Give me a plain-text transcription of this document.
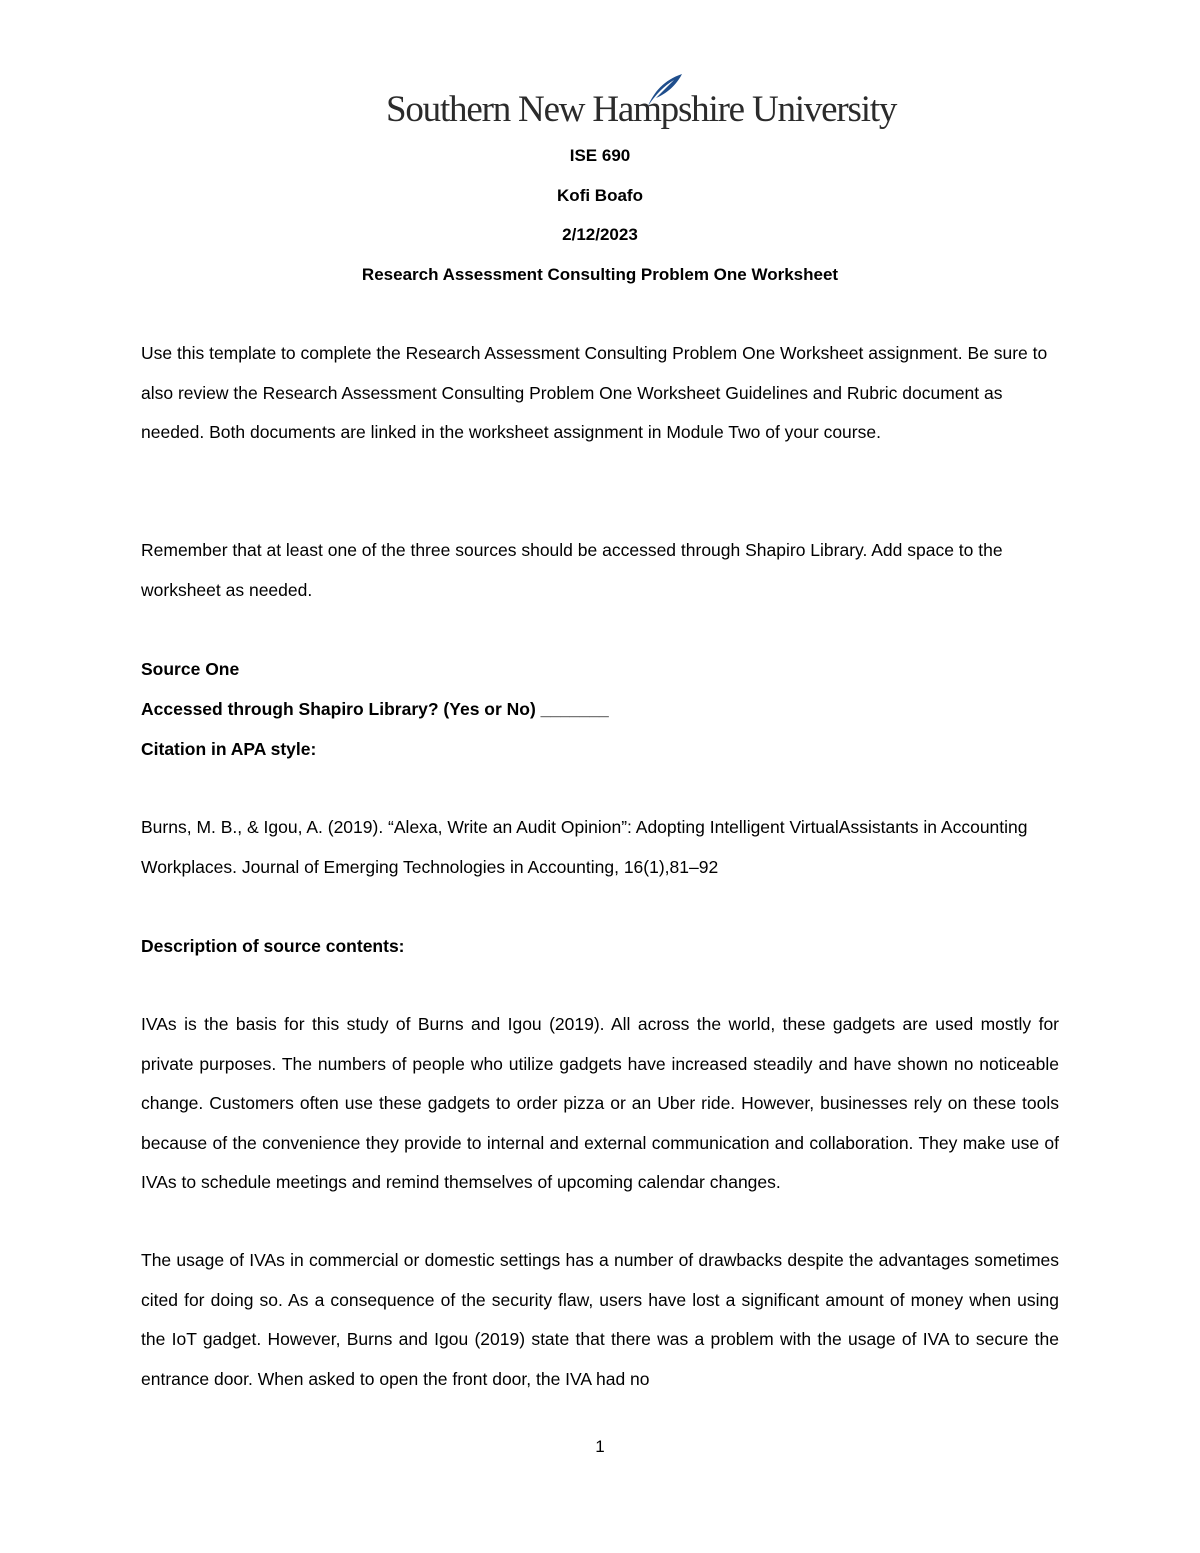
Southern New Hampshire University
ISE 690
Kofi Boafo
2/12/2023
Research Assessment Consulting Problem One Worksheet
Use this template to complete the Research Assessment Consulting Problem One Worksheet assignment. Be sure to also review the Research Assessment Consulting Problem One Worksheet Guidelines and Rubric document as needed. Both documents are linked in the worksheet assignment in Module Two of your course.
Remember that at least one of the three sources should be accessed through Shapiro Library. Add space to the worksheet as needed.
Source One
Accessed through Shapiro Library? (Yes or No) _______
Citation in APA style:
Burns, M. B., & Igou, A. (2019). “Alexa, Write an Audit Opinion”: Adopting Intelligent VirtualAssistants in Accounting Workplaces. Journal of Emerging Technologies in Accounting, 16(1),81–92
Description of source contents:
IVAs is the basis for this study of Burns and Igou (2019). All across the world, these gadgets are used mostly for private purposes. The numbers of people who utilize gadgets have increased steadily and have shown no noticeable change. Customers often use these gadgets to order pizza or an Uber ride. However, businesses rely on these tools because of the convenience they provide to internal and external communication and collaboration. They make use of IVAs to schedule meetings and remind themselves of upcoming calendar changes.
The usage of IVAs in commercial or domestic settings has a number of drawbacks despite the advantages sometimes cited for doing so. As a consequence of the security flaw, users have lost a significant amount of money when using the IoT gadget. However, Burns and Igou (2019) state that there was a problem with the usage of IVA to secure the entrance door. When asked to open the front door, the IVA had no
1
